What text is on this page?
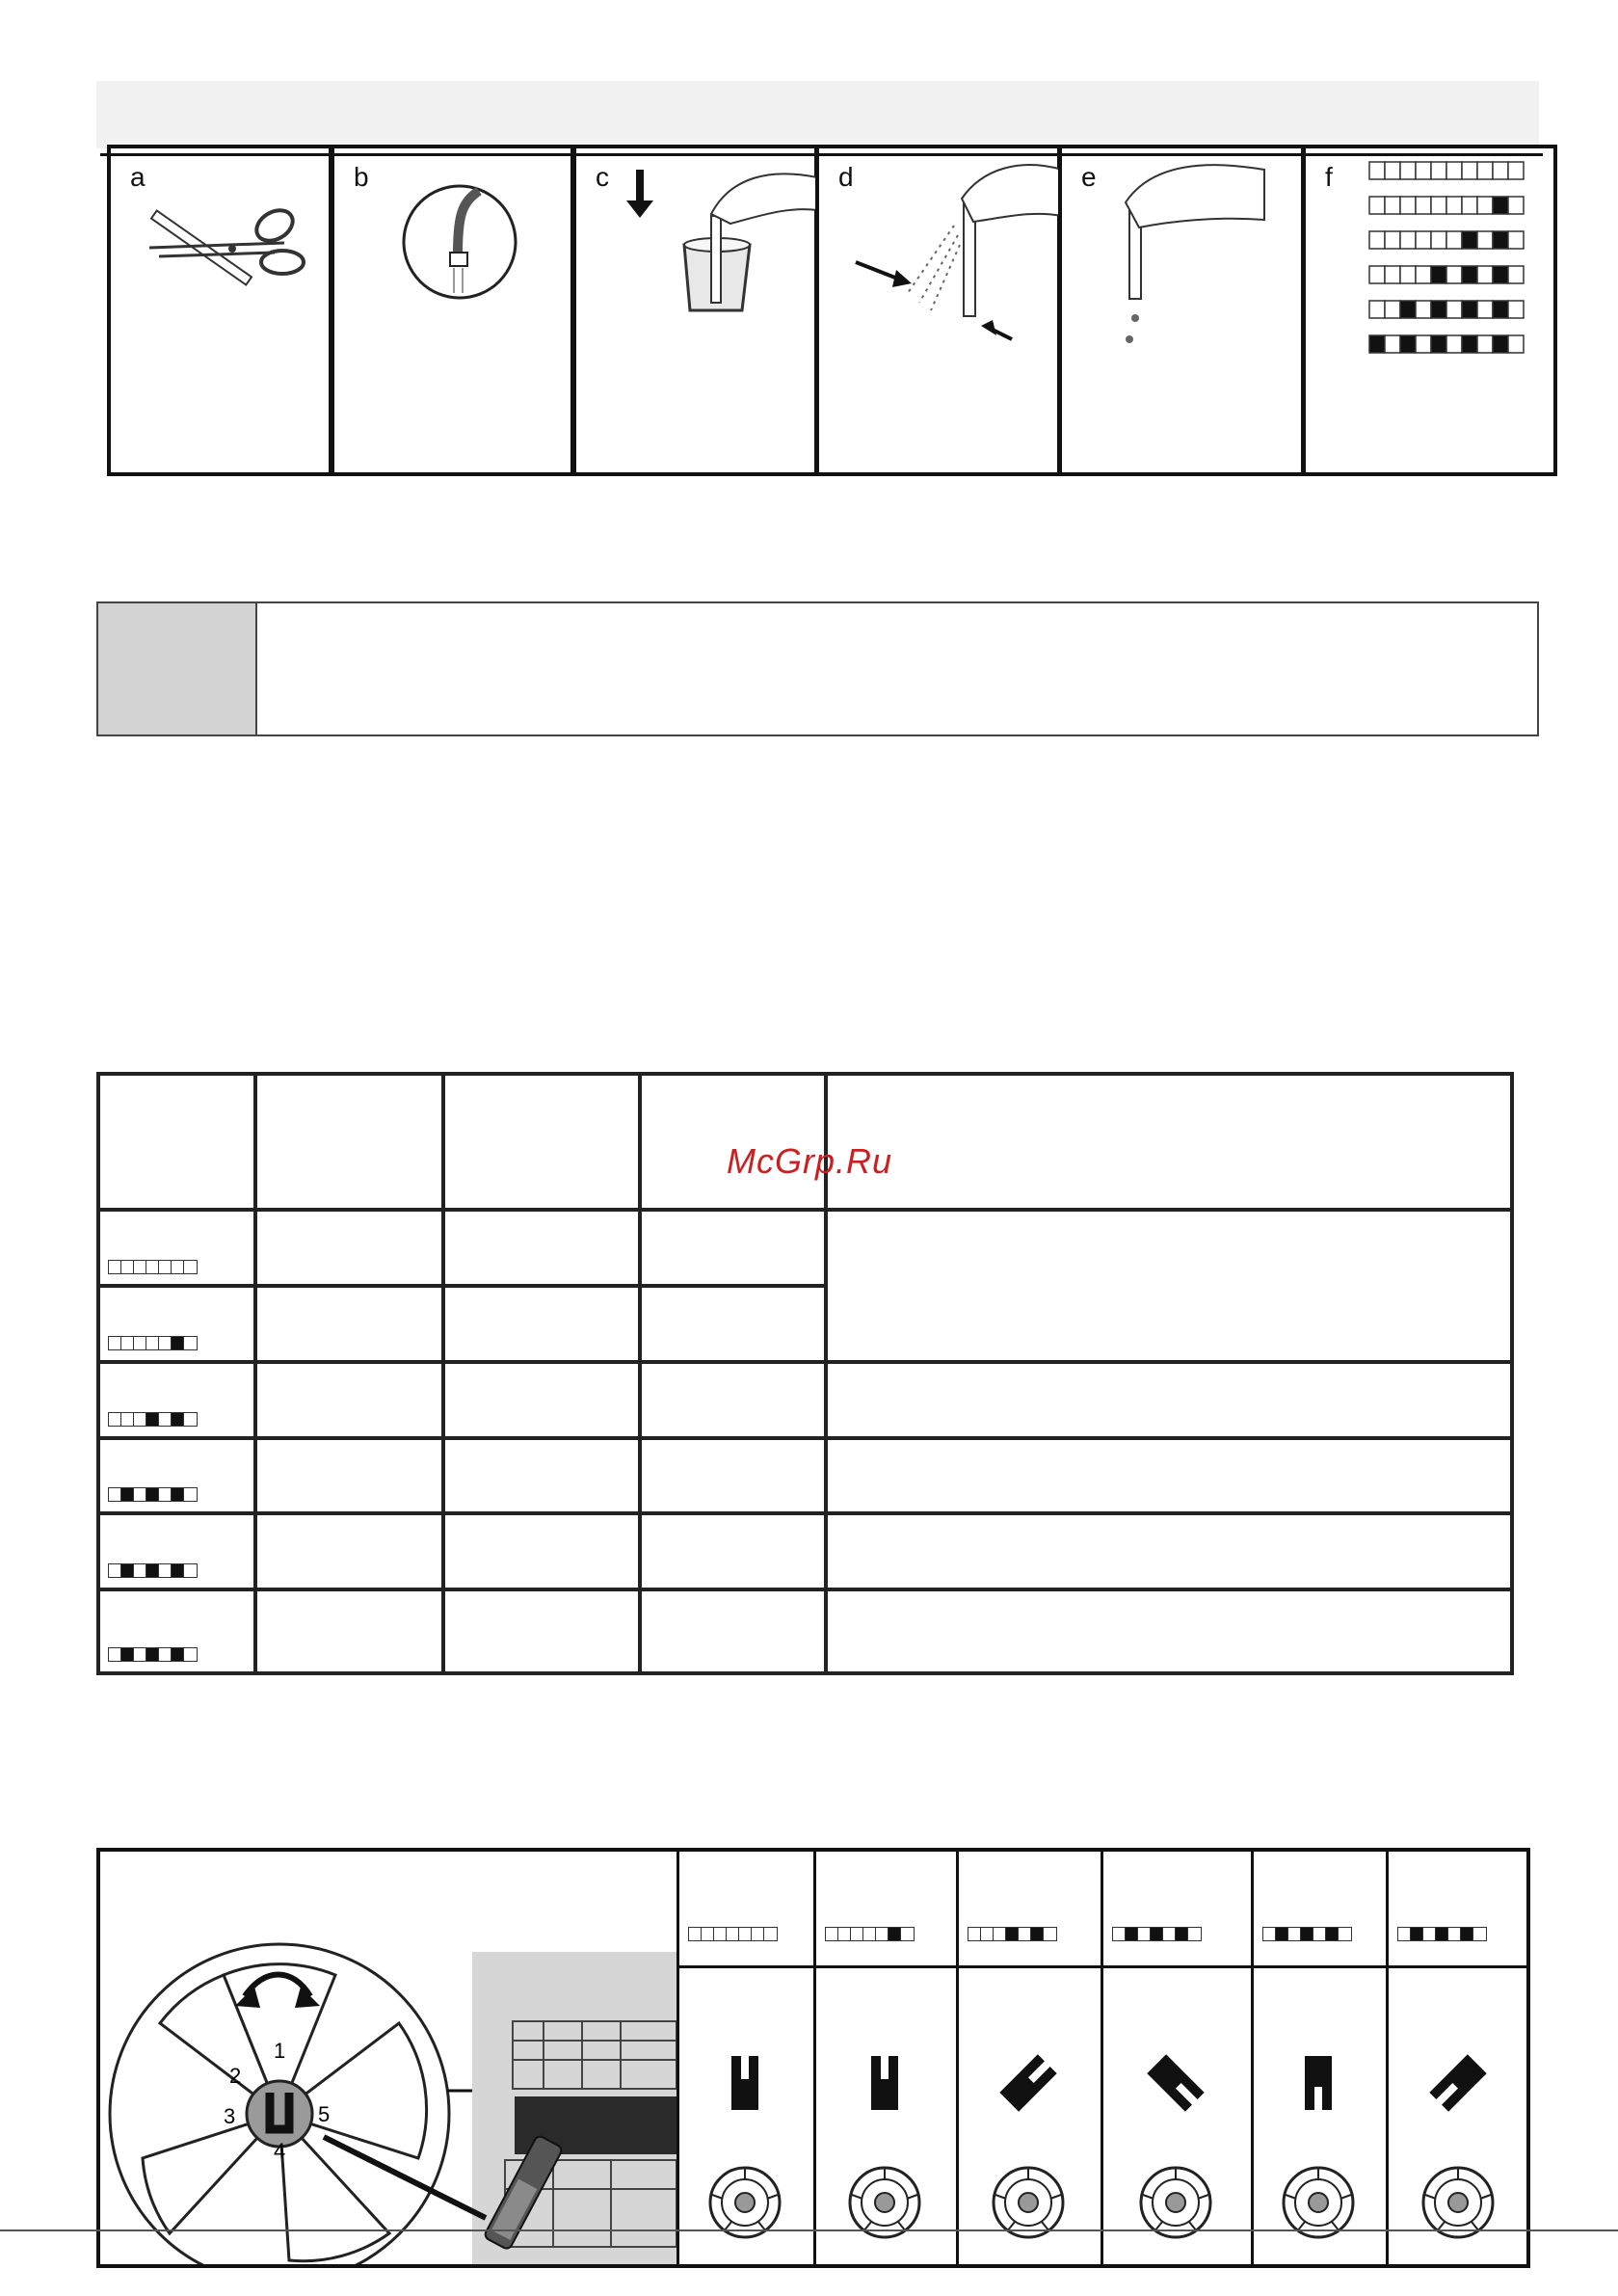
a	b	c	d	e	f

McGrp.Ru
1
2
3
4
5
